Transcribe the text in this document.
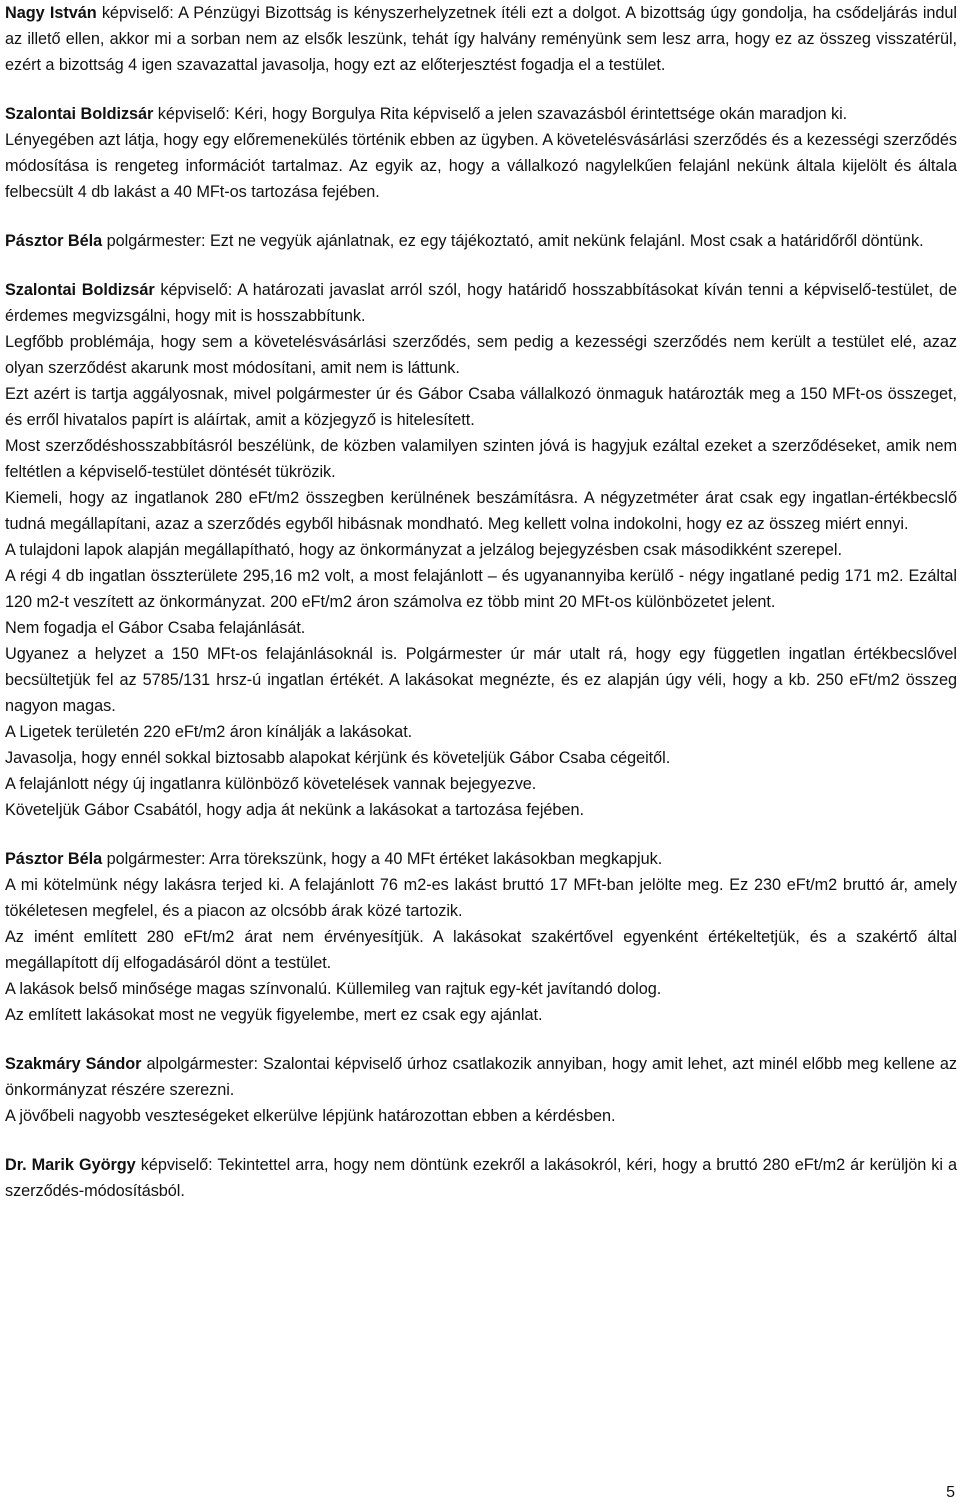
Nagy István képviselő: A Pénzügyi Bizottság is kényszerhelyzetnek ítéli ezt a dolgot. A bizottság úgy gondolja, ha csődeljárás indul az illető ellen, akkor mi a sorban nem az elsők leszünk, tehát így halvány reményünk sem lesz arra, hogy ez az összeg visszatérül, ezért a bizottság 4 igen szavazattal javasolja, hogy ezt az előterjesztést fogadja el a testület.

Szalontai Boldizsár képviselő: Kéri, hogy Borgulya Rita képviselő a jelen szavazásból érintettsége okán maradjon ki.

Lényegében azt látja, hogy egy előremenekülés történik ebben az ügyben. A követelésvásárlási szerződés és a kezességi szerződés módosítása is rengeteg információt tartalmaz. Az egyik az, hogy a vállalkozó nagylelkűen felajánl nekünk általa kijelölt és általa felbecsült 4 db lakást a 40 MFt-os tartozása fejében.

Pásztor Béla polgármester: Ezt ne vegyük ajánlatnak, ez egy tájékoztató, amit nekünk felajánl. Most csak a határidőről döntünk.

Szalontai Boldizsár képviselő: A határozati javaslat arról szól, hogy határidő hosszabbításokat kíván tenni a képviselő-testület, de érdemes megvizsgálni, hogy mit is hosszabbítunk.

Legfőbb problémája, hogy sem a követelésvásárlási szerződés, sem pedig a kezességi szerződés nem került a testület elé, azaz olyan szerződést akarunk most módosítani, amit nem is láttunk.

Ezt azért is tartja aggályosnak, mivel polgármester úr és Gábor Csaba vállalkozó önmaguk határozták meg a 150 MFt-os összeget, és erről hivatalos papírt is aláírtak, amit a közjegyző is hitelesített.

Most szerződéshosszabbításról beszélünk, de közben valamilyen szinten jóvá is hagyjuk ezáltal ezeket a szerződéseket, amik nem feltétlen a képviselő-testület döntését tükrözik.

Kiemeli, hogy az ingatlanok 280 eFt/m2 összegben kerülnének beszámításra. A négyzetméter árat csak egy ingatlan-értékbecslő tudná megállapítani, azaz a szerződés egyből hibásnak mondható. Meg kellett volna indokolni, hogy ez az összeg miért ennyi.

A tulajdoni lapok alapján megállapítható, hogy az önkormányzat a jelzálog bejegyzésben csak másodikként szerepel.

A régi 4 db ingatlan összterülete 295,16 m2 volt, a most felajánlott – és ugyanannyiba kerülő - négy ingatlané pedig 171 m2. Ezáltal 120 m2-t veszített az önkormányzat. 200 eFt/m2 áron számolva ez több mint 20 MFt-os különbözetet jelent.

Nem fogadja el Gábor Csaba felajánlását.

Ugyanez a helyzet a 150 MFt-os felajánlásoknál is. Polgármester úr már utalt rá, hogy egy független ingatlan értékbecslővel becsültetjük fel az 5785/131 hrsz-ú ingatlan értékét. A lakásokat megnézte, és ez alapján úgy véli, hogy a kb. 250 eFt/m2 összeg nagyon magas.

A Ligetek területén 220 eFt/m2 áron kínálják a lakásokat.

Javasolja, hogy ennél sokkal biztosabb alapokat kérjünk és követeljük Gábor Csaba cégeitől.

A felajánlott négy új ingatlanra különböző követelések vannak bejegyezve.

Követeljük Gábor Csabától, hogy adja át nekünk a lakásokat a tartozása fejében.

Pásztor Béla polgármester: Arra törekszünk, hogy a 40 MFt értéket lakásokban megkapjuk.

A mi kötelmünk négy lakásra terjed ki. A felajánlott 76 m2-es lakást bruttó 17 MFt-ban jelölte meg. Ez 230 eFt/m2 bruttó ár, amely tökéletesen megfelel, és a piacon az olcsóbb árak közé tartozik.

Az imént említett 280 eFt/m2 árat nem érvényesítjük. A lakásokat szakértővel egyenként értékeltetjük, és a szakértő által megállapított díj elfogadásáról dönt a testület.

A lakások belső minősége magas színvonalú. Küllemileg van rajtuk egy-két javítandó dolog.

Az említett lakásokat most ne vegyük figyelembe, mert ez csak egy ajánlat.

Szakmáry Sándor alpolgármester: Szalontai képviselő úrhoz csatlakozik annyiban, hogy amit lehet, azt minél előbb meg kellene az önkormányzat részére szerezni.

A jövőbeli nagyobb veszteségeket elkerülve lépjünk határozottan ebben a kérdésben.

Dr. Marik György képviselő: Tekintettel arra, hogy nem döntünk ezekről a lakásokról, kéri, hogy a bruttó 280 eFt/m2 ár kerüljön ki a szerződés-módosításból.

5
